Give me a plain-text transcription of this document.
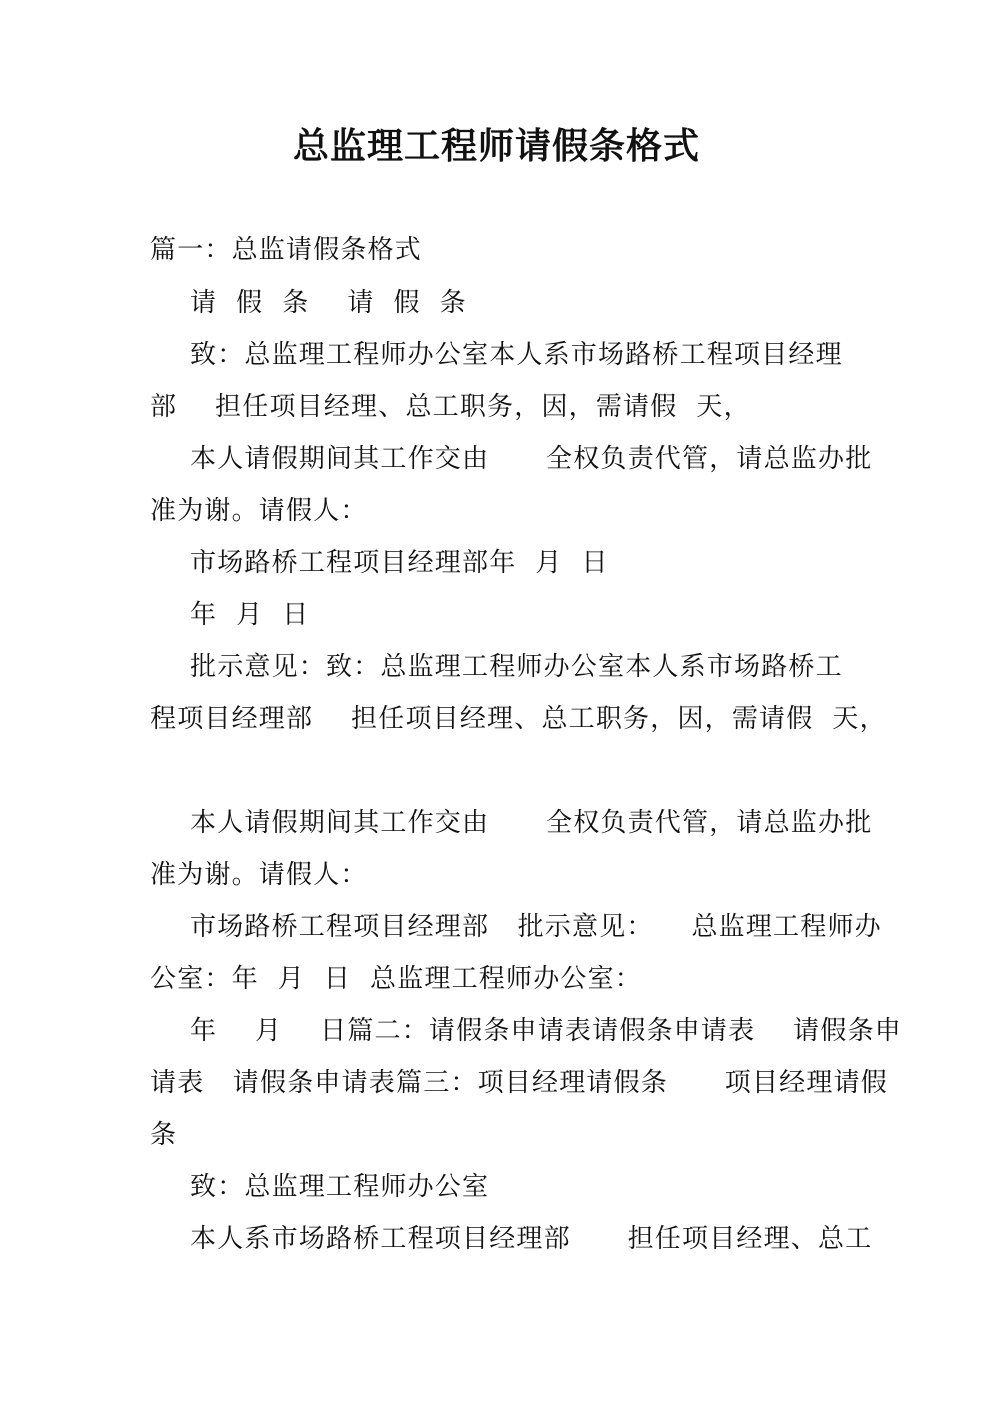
总监理工程师请假条格式
篇一：总监请假条格式
请  假  条    请  假  条
致：总监理工程师办公室本人系市场路桥工程项目经理
部    担任项目经理、总工职务，因，需请假  天，
本人请假期间其工作交由      全权负责代管，请总监办批
准为谢。请假人：
市场路桥工程项目经理部年  月  日
年  月  日
批示意见：致：总监理工程师办公室本人系市场路桥工
程项目经理部    担任项目经理、总工职务，因，需请假  天，
本人请假期间其工作交由      全权负责代管，请总监办批
准为谢。请假人：
市场路桥工程项目经理部   批示意见：    总监理工程师办
公室：年  月  日  总监理工程师办公室：
年    月    日篇二：请假条申请表请假条申请表    请假条申
请表   请假条申请表篇三：项目经理请假条      项目经理请假
条
致：总监理工程师办公室
本人系市场路桥工程项目经理部      担任项目经理、总工
